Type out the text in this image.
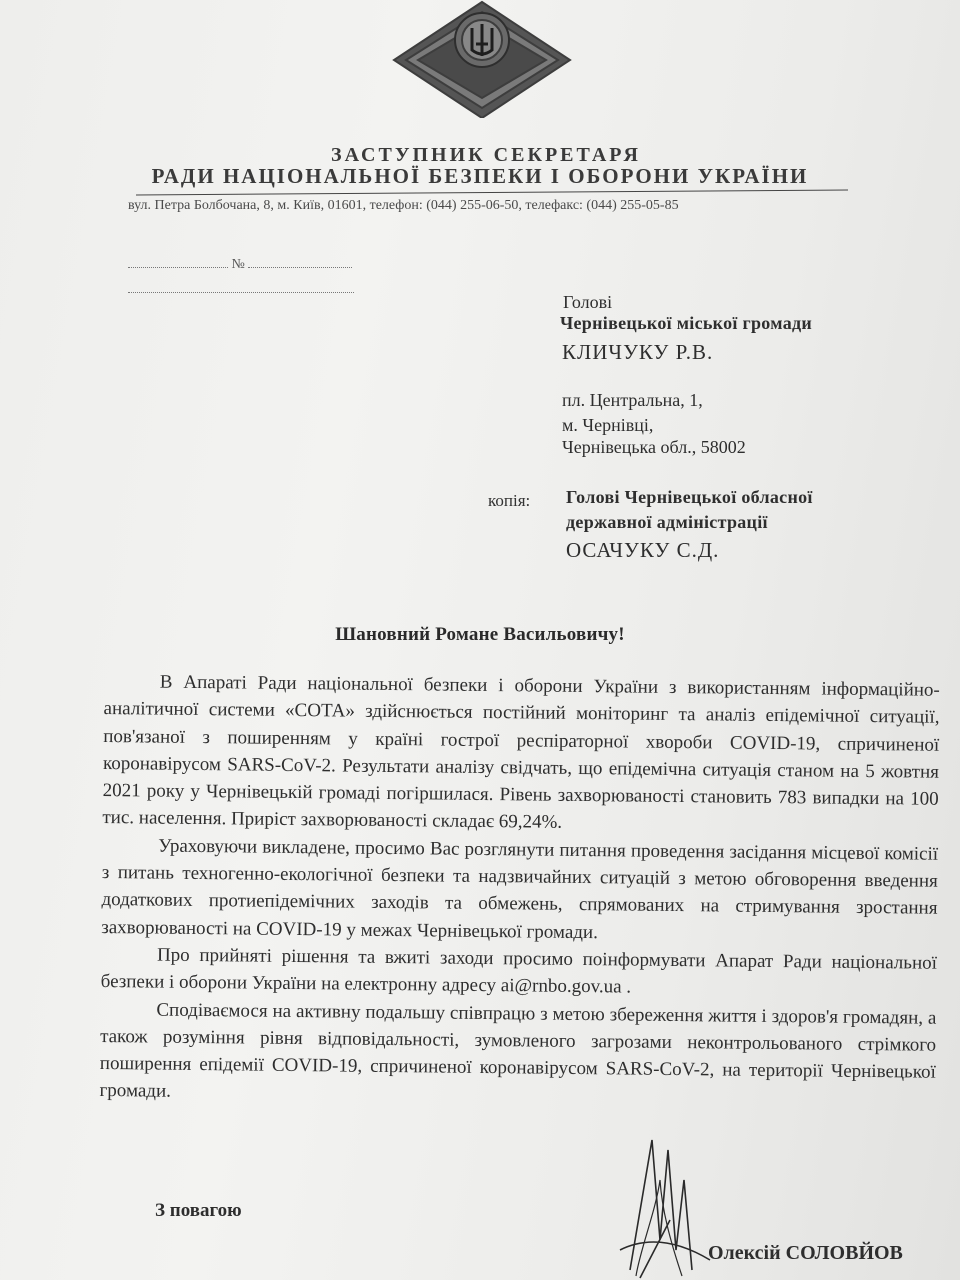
ЗАСТУПНИК СЕКРЕТАРЯ
РАДИ НАЦІОНАЛЬНОЇ БЕЗПЕКИ І ОБОРОНИ УКРАЇНИ
вул. Петра Болбочана, 8, м. Київ, 01601, телефон: (044) 255-06-50, телефакс: (044) 255-05-85
№
Голові
Чернівецької міської громади
КЛИЧУКУ Р.В.
пл. Центральна, 1,
м. Чернівці,
Чернівецька обл., 58002
копія: Голові Чернівецької обласної
державної адміністрації
ОСАЧУКУ С.Д.
Шановний Романе Васильовичу!

В Апараті Ради національної безпеки і оборони України з використанням інформаційно-аналітичної системи «СОТА» здійснюється постійний моніторинг та аналіз епідемічної ситуації, пов'язаної з поширенням у країні гострої респіраторної хвороби COVID-19, спричиненої коронавірусом SARS-CoV-2. Результати аналізу свідчать, що епідемічна ситуація станом на 5 жовтня 2021 року у Чернівецькій громаді погіршилася. Рівень захворюваності становить 783 випадки на 100 тис. населення. Приріст захворюваності складає 69,24%.

Ураховуючи викладене, просимо Вас розглянути питання проведення засідання місцевої комісії з питань техногенно-екологічної безпеки та надзвичайних ситуацій з метою обговорення введення додаткових протиепідемічних заходів та обмежень, спрямованих на стримування зростання захворюваності на COVID-19 у межах Чернівецької громади.

Про прийняті рішення та вжиті заходи просимо поінформувати Апарат Ради національної безпеки і оборони України на електронну адресу ai@rnbo.gov.ua .

Сподіваємося на активну подальшу співпрацю з метою збереження життя і здоров'я громадян, а також розуміння рівня відповідальності, зумовленого загрозами неконтрольованого стрімкого поширення епідемії COVID-19, спричиненої коронавірусом SARS-CoV-2, на території Чернівецької громади.

З повагою
Олексій СОЛОВЙОВ
